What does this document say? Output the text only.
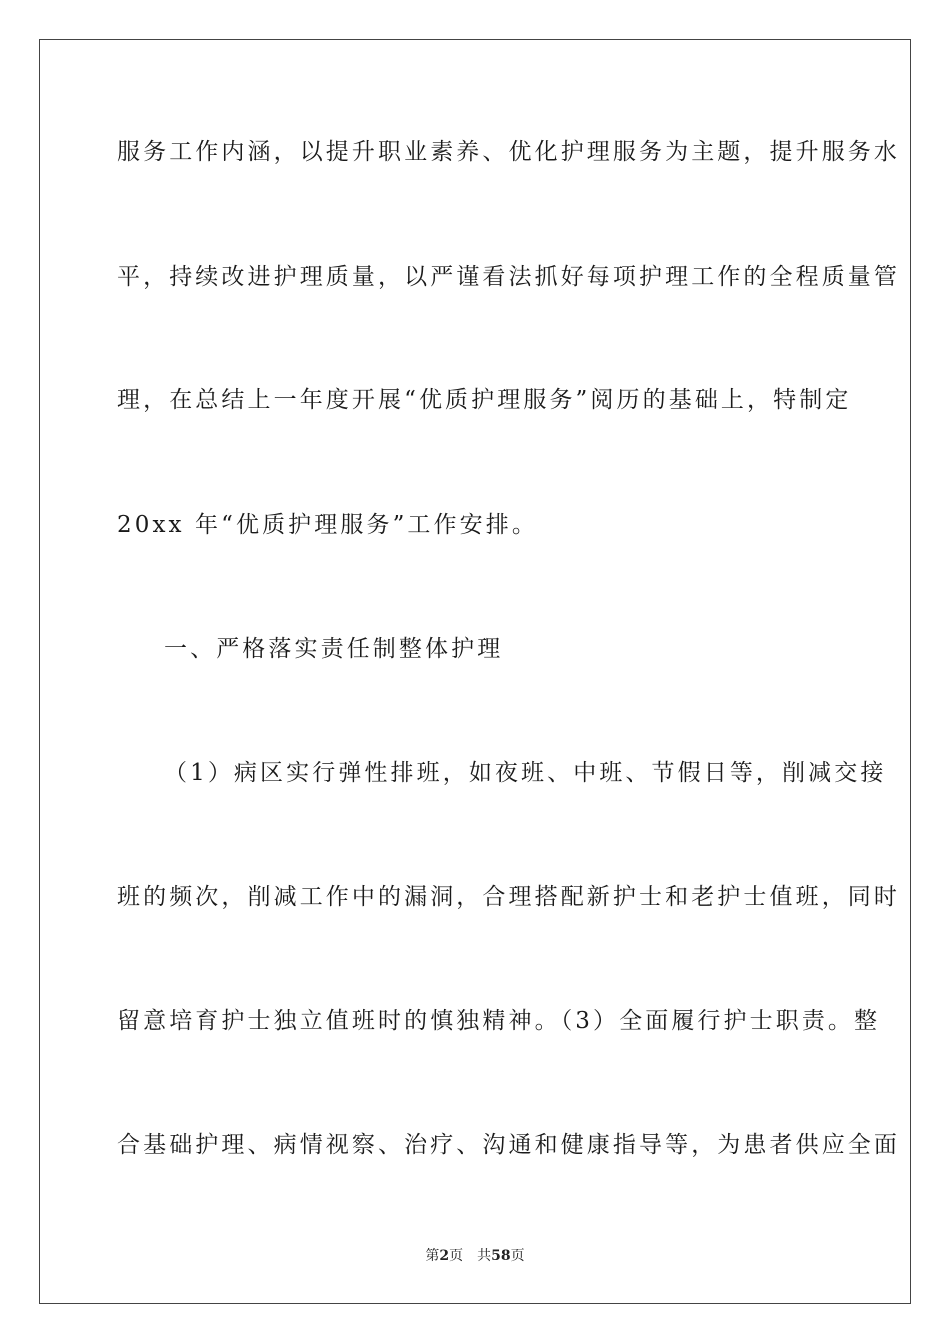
服务工作内涵，以提升职业素养、优化护理服务为主题，提升服务水
平，持续改进护理质量，以严谨看法抓好每项护理工作的全程质量管
理，在总结上一年度开展“优质护理服务”阅历的基础上，特制定
20xx 年“优质护理服务”工作安排。
一、严格落实责任制整体护理
（1）病区实行弹性排班，如夜班、中班、节假日等，削减交接
班的频次，削减工作中的漏洞，合理搭配新护士和老护士值班，同时
留意培育护士独立值班时的慎独精神。（3）全面履行护士职责。整
合基础护理、病情视察、治疗、沟通和健康指导等，为患者供应全面
第2页 共58页
